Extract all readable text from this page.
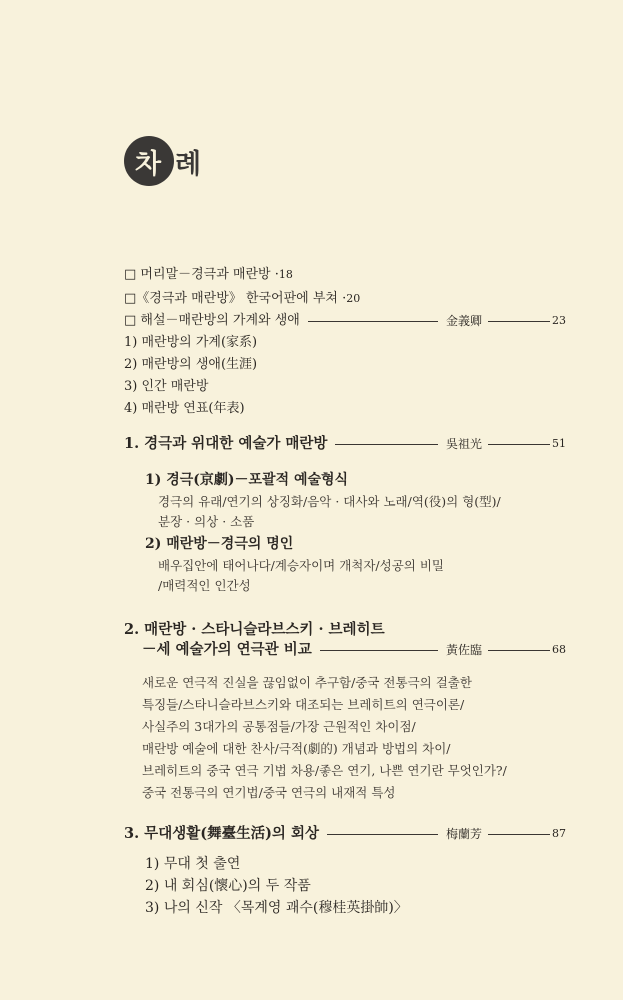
차 례
□ 머리말－경극과 매란방 · 18
□《경극과 매란방》 한국어판에 부쳐 · 20
□ 해설－매란방의 가계와 생애	金義卿	23
1) 매란방의 가계(家系)
2) 매란방의 생애(生涯)
3) 인간 매란방
4) 매란방 연표(年表)
1. 경극과 위대한 예술가 매란방	吳祖光	51
1) 경극(京劇)－포괄적 예술형식
경극의 유래/연기의 상징화/음악 · 대사와 노래/역(役)의 형(型)/
분장 · 의상 · 소품
2) 매란방－경극의 명인
배우집안에 태어나다/계승자이며 개척자/성공의 비밀
/매력적인 인간성
2. 매란방 · 스타니슬라브스키 · 브레히트
－세 예술가의 연극관 비교	黃佐臨	68
새로운 연극적 진실을 끊임없이 추구함/중국 전통극의 걸출한
특징들/스타니슬라브스키와 대조되는 브레히트의 연극이론/
사실주의 3대가의 공통점들/가장 근원적인 차이점/
매란방 예술에 대한 찬사/극적(劇的) 개념과 방법의 차이/
브레히트의 중국 연극 기법 차용/좋은 연기, 나쁜 연기란 무엇인가?/
중국 전통극의 연기법/중국 연극의 내재적 특성
3. 무대생활(舞臺生活)의 회상	梅蘭芳	87
1) 무대 첫 출연
2) 내 회심(懷心)의 두 작품
3) 나의 신작 〈목계영 괘수(穆桂英掛帥)〉
